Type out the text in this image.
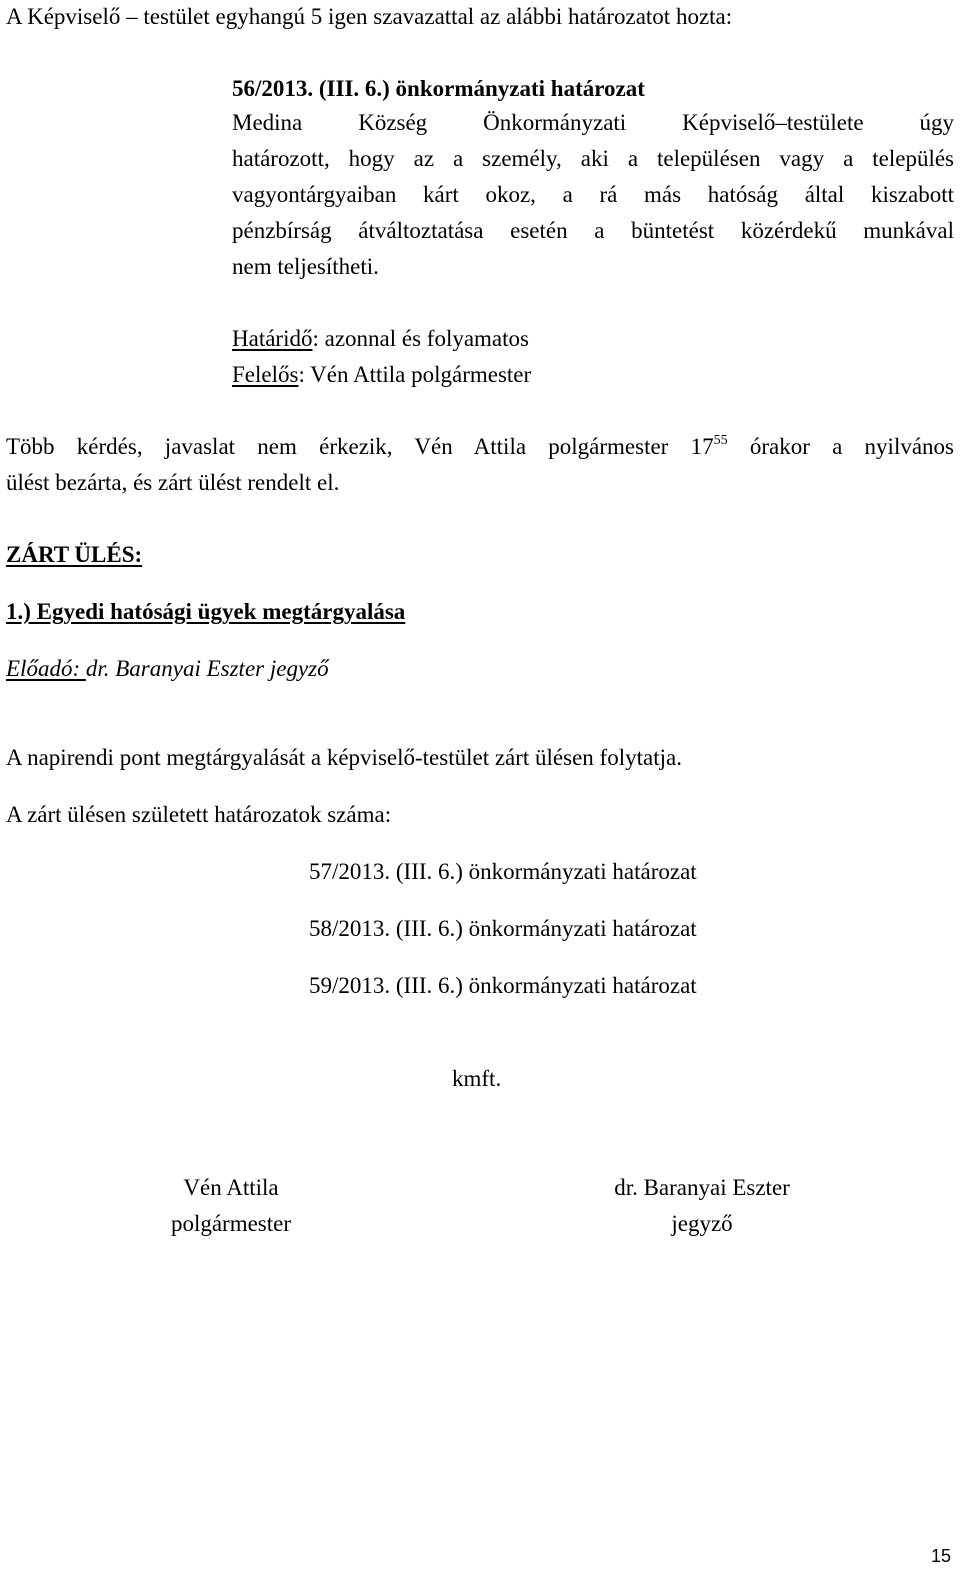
A Képviselő – testület egyhangú 5 igen szavazattal az alábbi határozatot hozta:
56/2013. (III. 6.) önkormányzati határozat
Medina Község Önkormányzati Képviselő–testülete úgy
határozott, hogy az a személy, aki a településen vagy a település
vagyontárgyaiban kárt okoz, a rá más hatóság által kiszabott
pénzbírság átváltoztatása esetén a büntetést közérdekű munkával
nem teljesítheti.
Határidő: azonnal és folyamatos
Felelős: Vén Attila polgármester
Több kérdés, javaslat nem érkezik, Vén Attila polgármester $17^{55}$ órakor a nyilvános
ülést bezárta, és zárt ülést rendelt el.
ZÁRT ÜLÉS:
1.) Egyedi hatósági ügyek megtárgyalása
Előadó: dr. Baranyai Eszter jegyző
A napirendi pont megtárgyalását a képviselő-testület zárt ülésen folytatja.
A zárt ülésen született határozatok száma:
57/2013. (III. 6.) önkormányzati határozat
58/2013. (III. 6.) önkormányzati határozat
59/2013. (III. 6.) önkormányzati határozat
kmft.
Vén Attila
polgármester
dr. Baranyai Eszter
jegyző
15
